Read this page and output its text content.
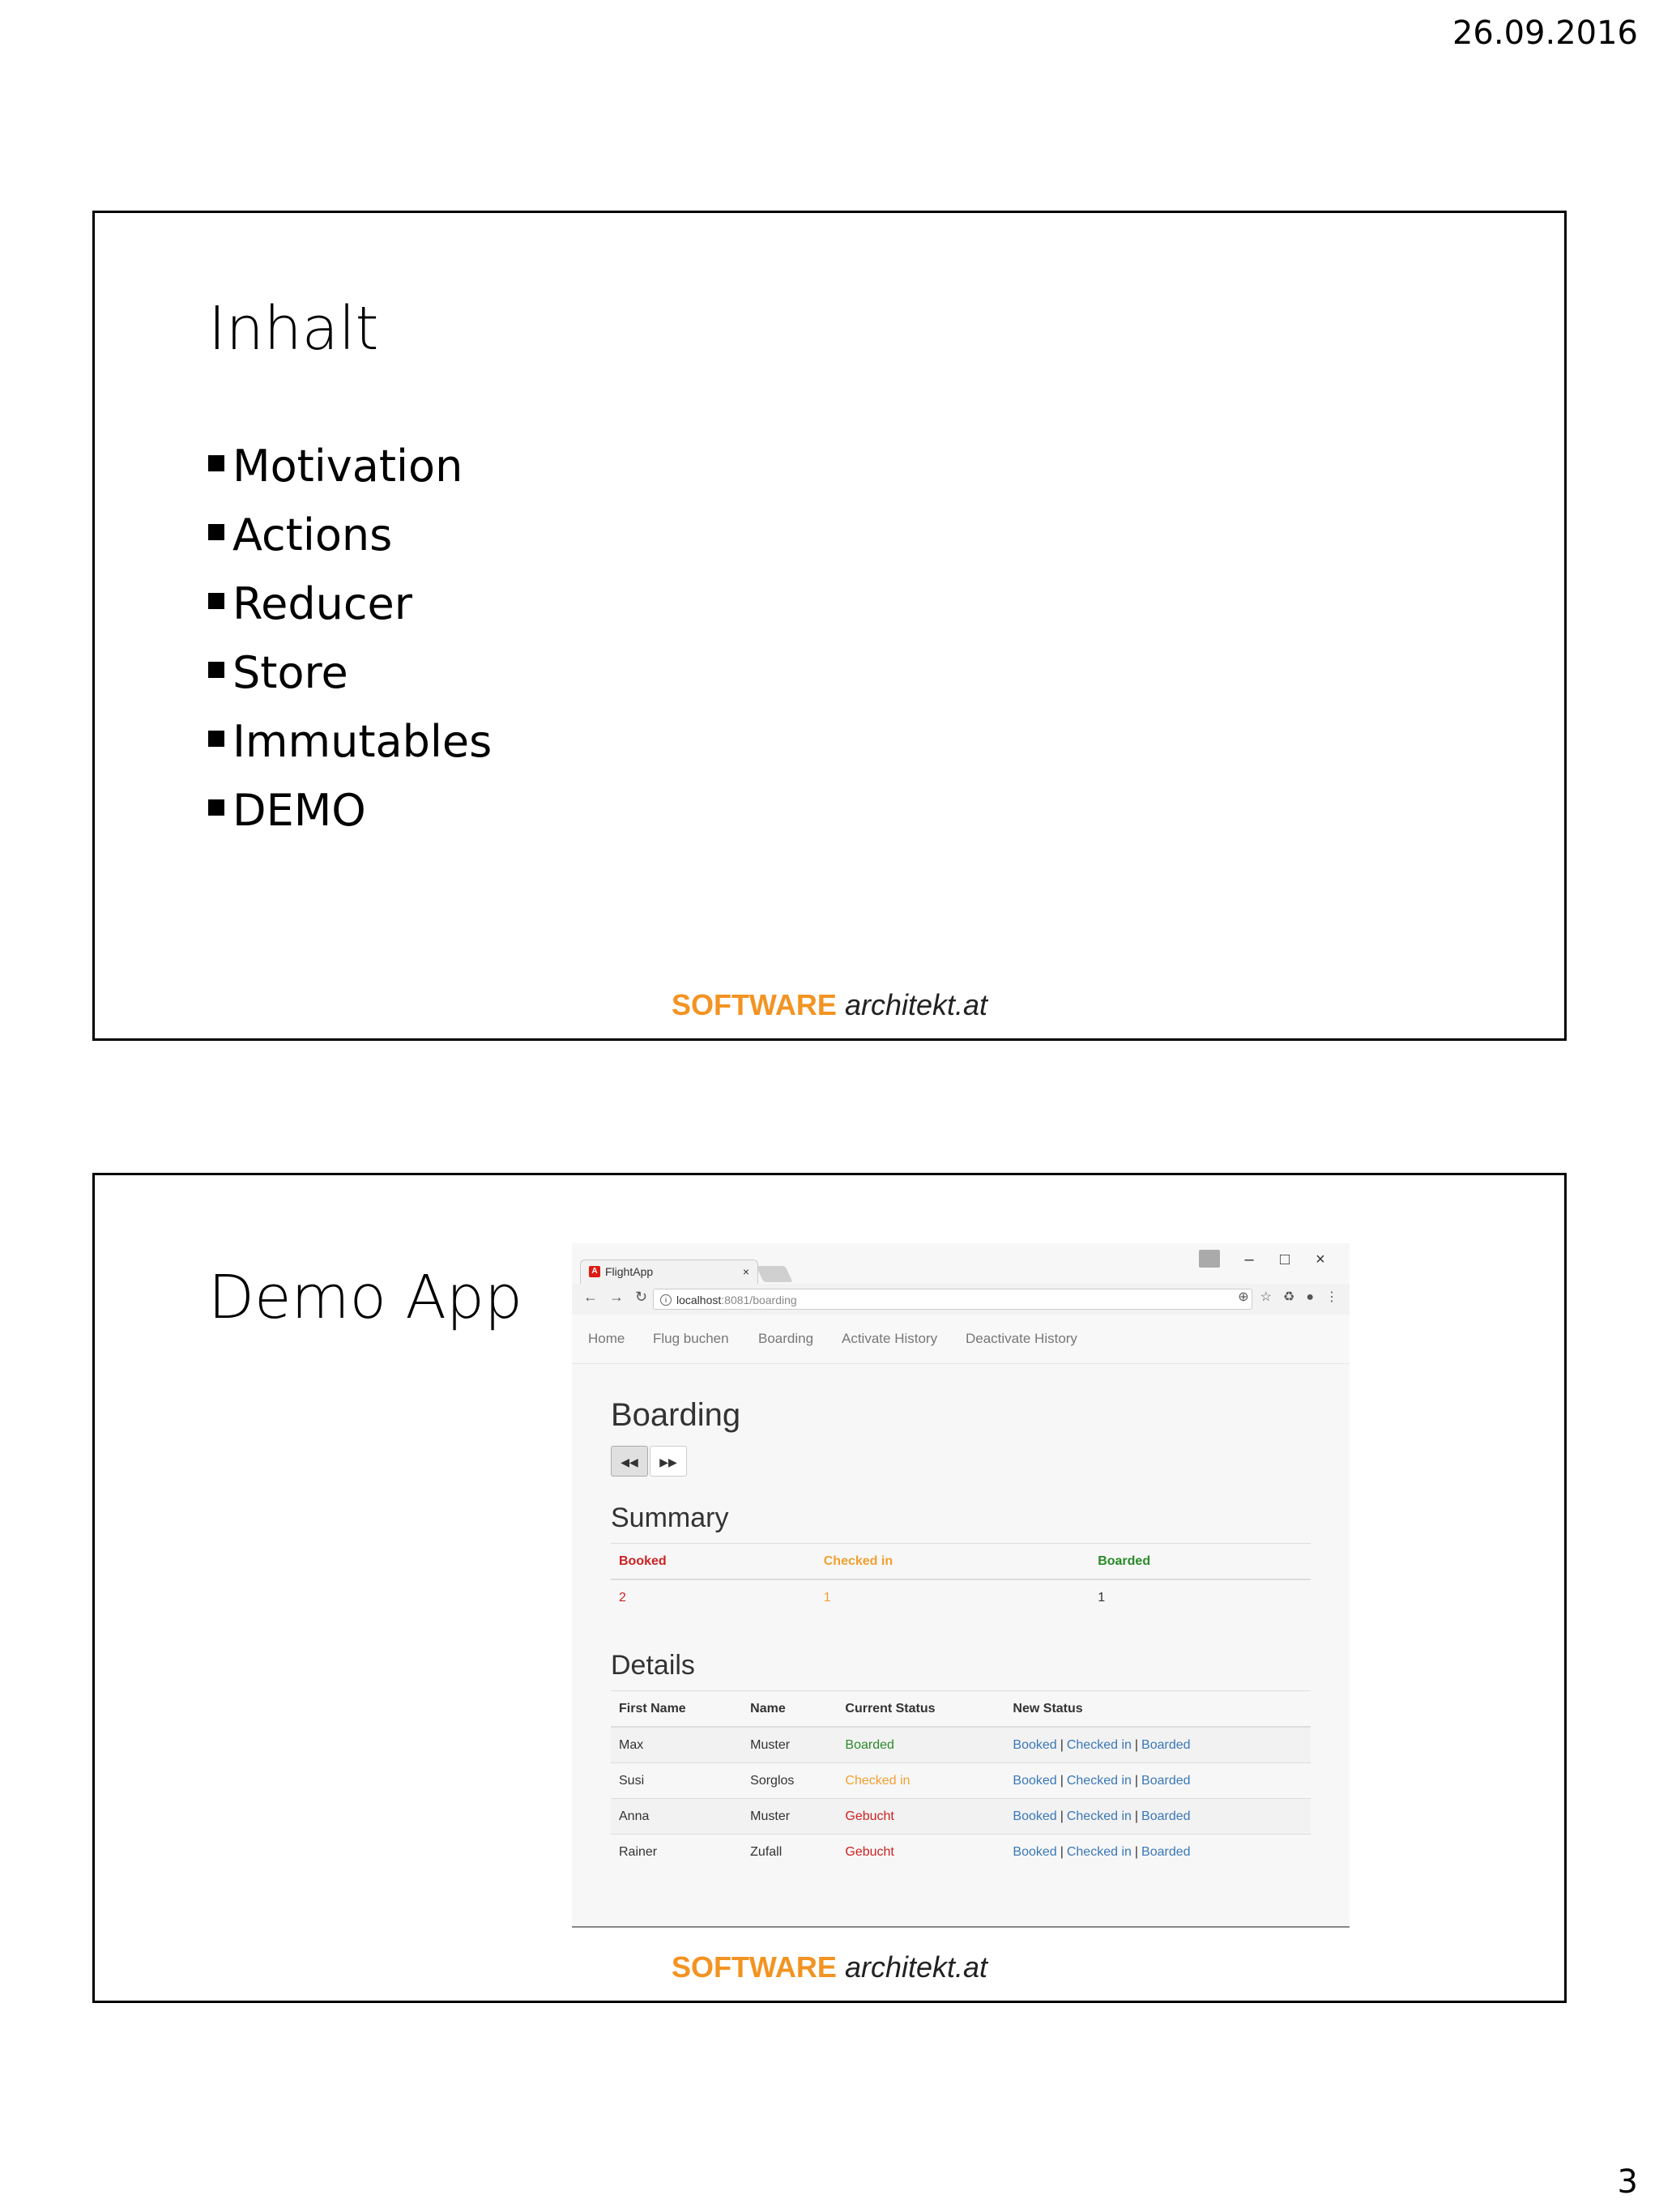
26.09.2016
Inhalt
Motivation
Actions
Reducer
Store
Immutables
DEMO
SOFTWARE architekt.at
Demo App	A FlightApp	×
– □ ×
← → ↻	i localhost:8081/boarding	⊕ ☆ ♻ ● ⋮
Home Flug buchen Boarding Activate History Deactivate History
Boarding
◀◀ ▶▶
Summary
Booked	Checked in	Boarded
2	1	1
Details
First Name	Name	Current Status	New Status
Max	Muster	Boarded	Booked | Checked in | Boarded
Susi	Sorglos	Checked in	Booked | Checked in | Boarded
Anna	Muster	Gebucht	Booked | Checked in | Boarded
Rainer	Zufall	Gebucht	Booked | Checked in | Boarded
SOFTWARE architekt.at
3
